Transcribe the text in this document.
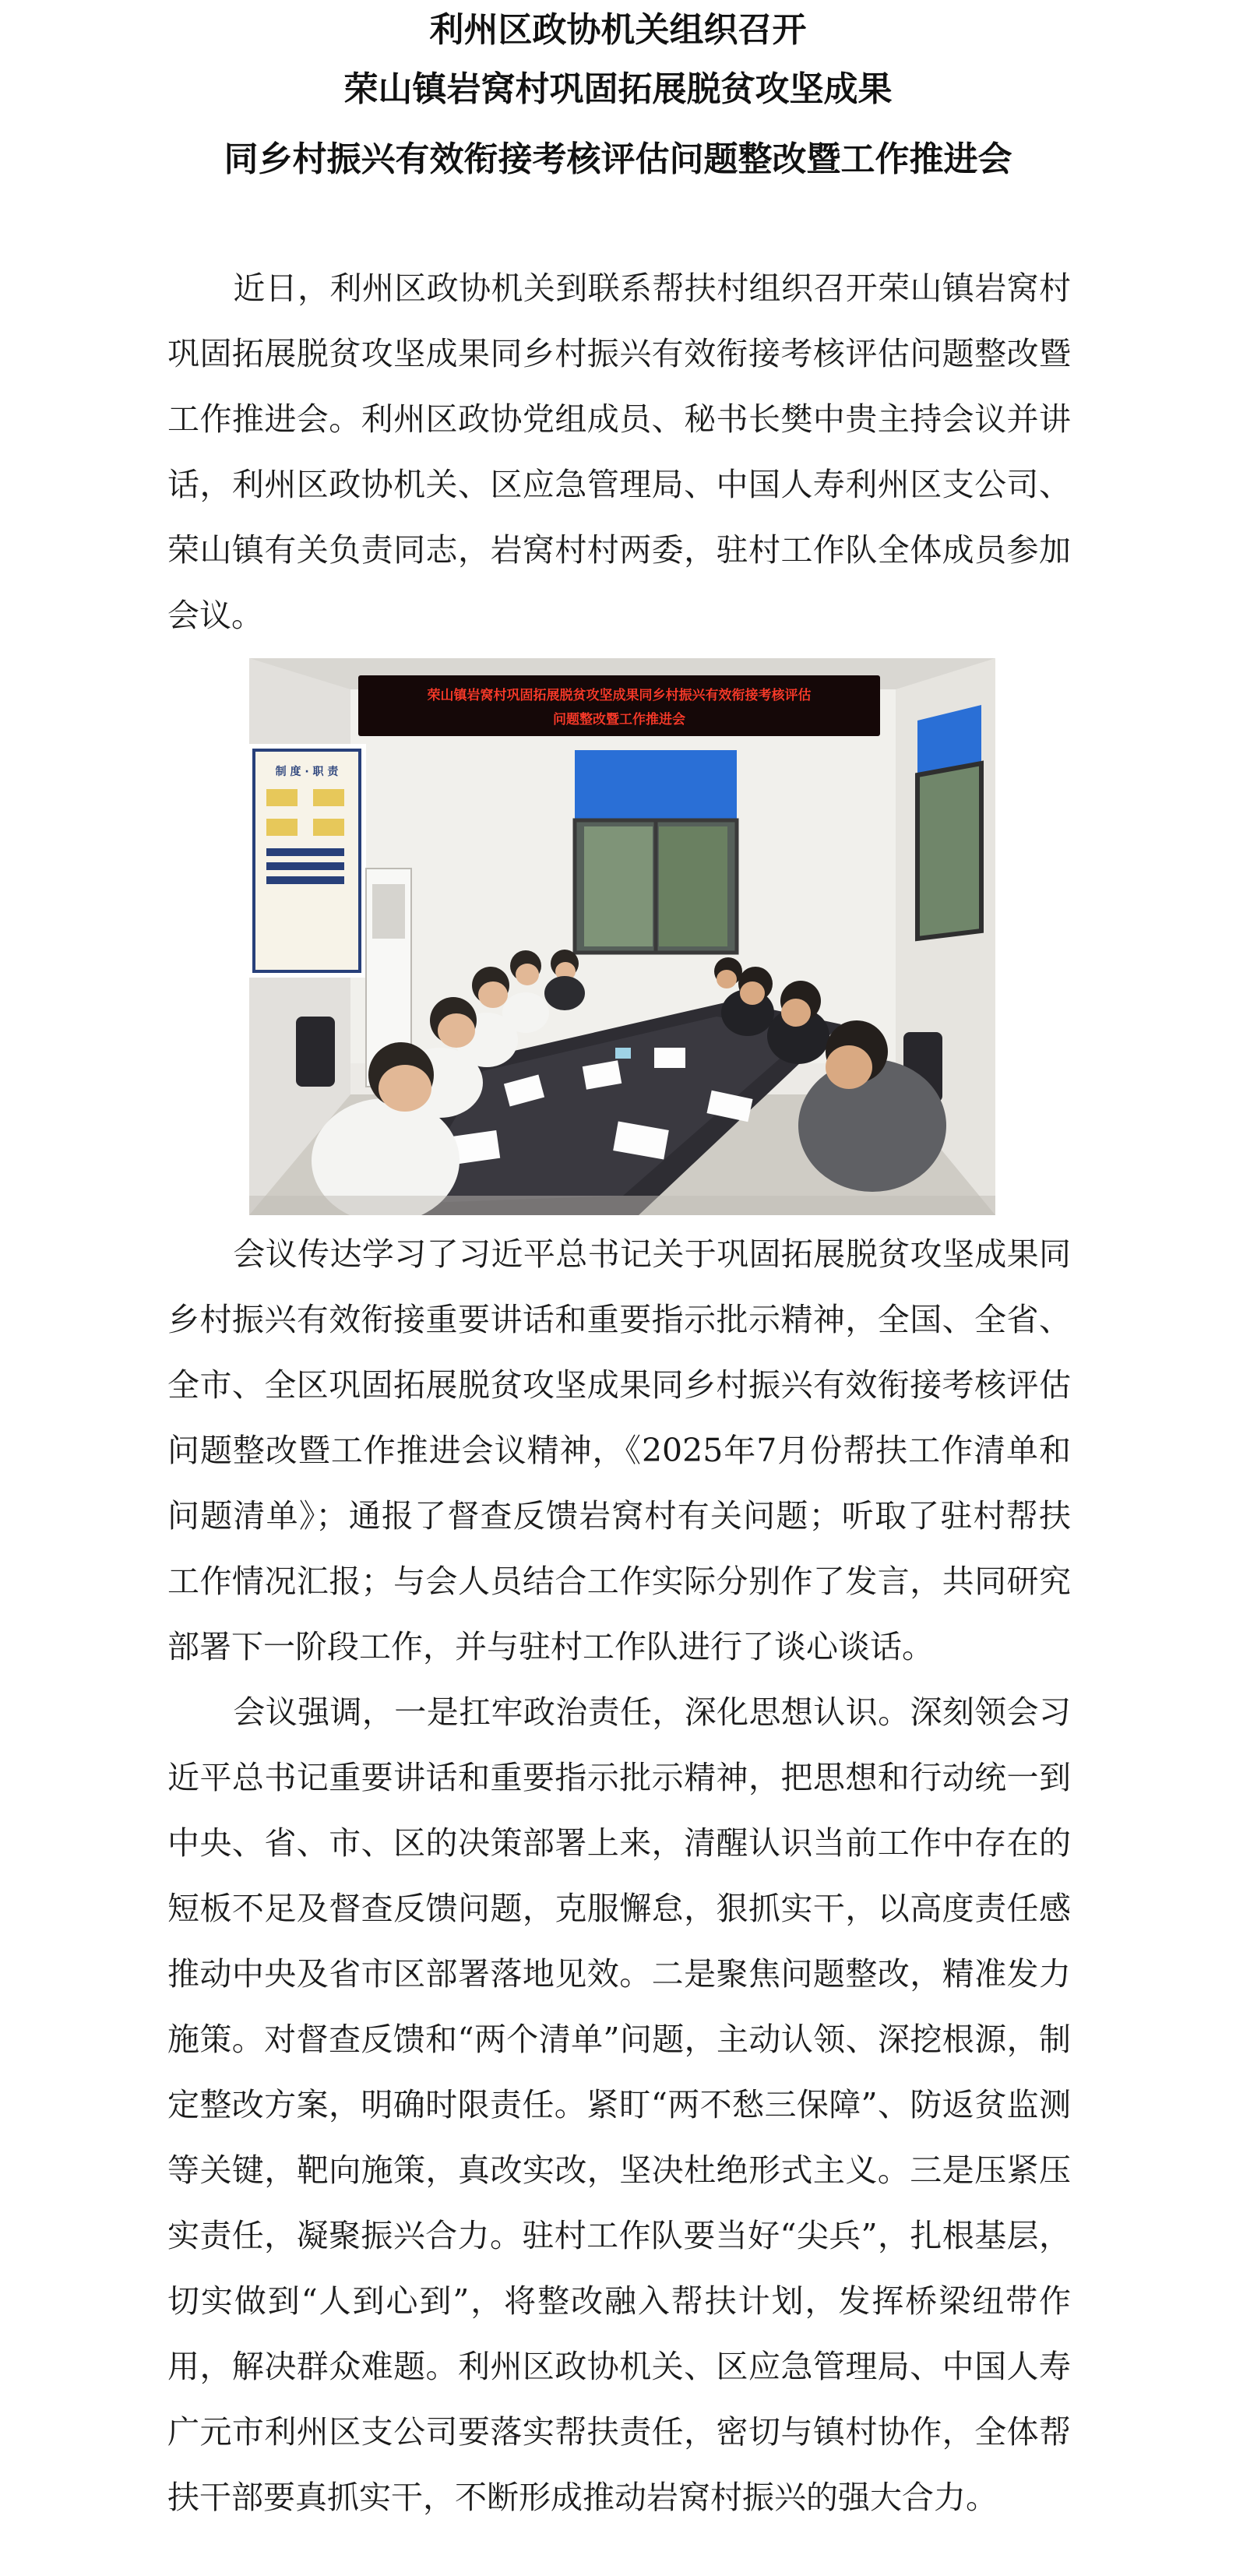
利州区政协机关组织召开
荣山镇岩窝村巩固拓展脱贫攻坚成果
同乡村振兴有效衔接考核评估问题整改暨工作推进会

近日，利州区政协机关到联系帮扶村组织召开荣山镇岩窝村巩固拓展脱贫攻坚成果同乡村振兴有效衔接考核评估问题整改暨工作推进会。利州区政协党组成员、秘书长樊中贵主持会议并讲话，利州区政协机关、区应急管理局、中国人寿利州区支公司、荣山镇有关负责同志，岩窝村村两委，驻村工作队全体成员参加会议。

荣山镇岩窝村巩固拓展脱贫攻坚成果同乡村振兴有效衔接考核评估
问题整改暨工作推进会
制 度 · 职 责

会议传达学习了习近平总书记关于巩固拓展脱贫攻坚成果同乡村振兴有效衔接重要讲话和重要指示批示精神，全国、全省、全市、全区巩固拓展脱贫攻坚成果同乡村振兴有效衔接考核评估问题整改暨工作推进会议精神，《2025年7月份帮扶工作清单和问题清单》；通报了督查反馈岩窝村有关问题；听取了驻村帮扶工作情况汇报；与会人员结合工作实际分别作了发言，共同研究部署下一阶段工作，并与驻村工作队进行了谈心谈话。

会议强调，一是扛牢政治责任，深化思想认识。深刻领会习近平总书记重要讲话和重要指示批示精神，把思想和行动统一到中央、省、市、区的决策部署上来，清醒认识当前工作中存在的短板不足及督查反馈问题，克服懈怠，狠抓实干，以高度责任感推动中央及省市区部署落地见效。二是聚焦问题整改，精准发力施策。对督查反馈和“两个清单”问题，主动认领、深挖根源，制定整改方案，明确时限责任。紧盯“两不愁三保障”、防返贫监测等关键，靶向施策，真改实改，坚决杜绝形式主义。三是压紧压实责任，凝聚振兴合力。驻村工作队要当好“尖兵”，扎根基层，切实做到“人到心到”，将整改融入帮扶计划，发挥桥梁纽带作用，解决群众难题。利州区政协机关、区应急管理局、中国人寿广元市利州区支公司要落实帮扶责任，密切与镇村协作，全体帮扶干部要真抓实干，不断形成推动岩窝村振兴的强大合力。
